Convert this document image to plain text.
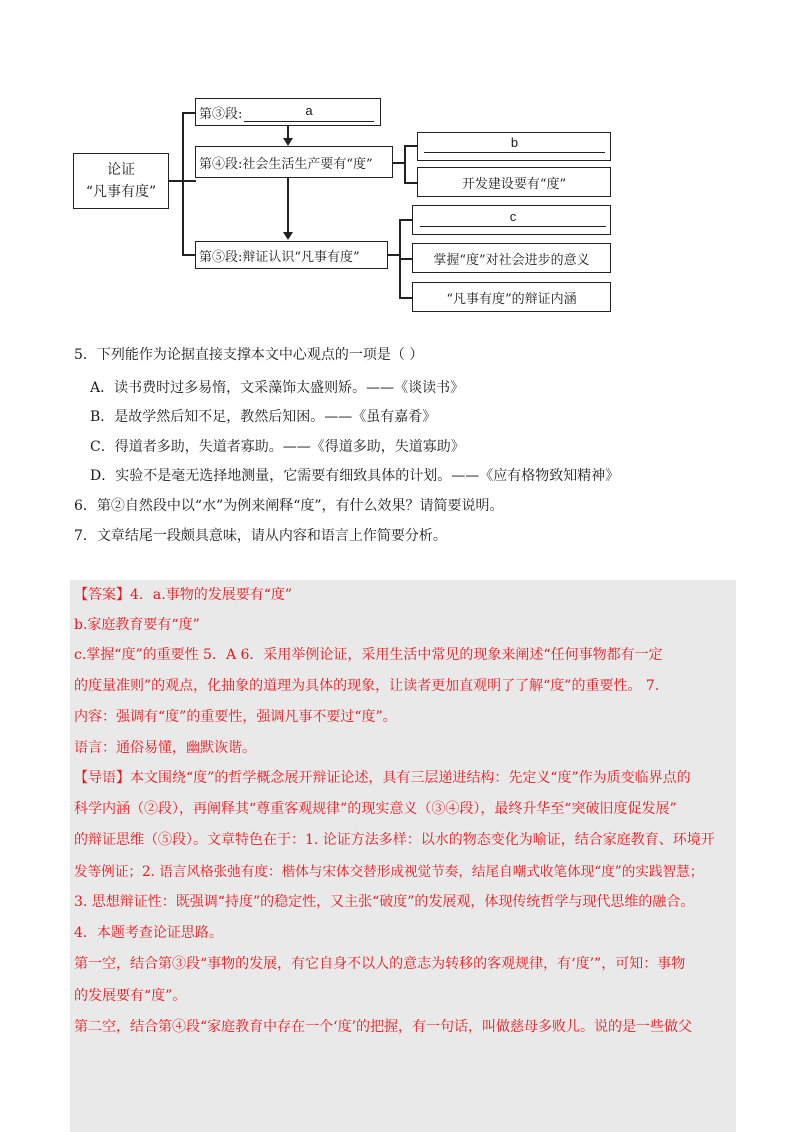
论证
“凡事有度”
第③段:	a
第④段:社会生活生产要有“度”
第⑤段:辩证认识“凡事有度”
b
开发建设要有“度”
c
掌握“度”对社会进步的意义
“凡事有度”的辩证内涵
5．下列能作为论据直接支撑本文中心观点的一项是（ ）
A．读书费时过多易惰，文采藻饰太盛则矫。——《谈读书》
B．是故学然后知不足，教然后知困。——《虽有嘉肴》
C．得道者多助，失道者寡助。——《得道多助，失道寡助》
D．实验不是毫无选择地测量，它需要有细致具体的计划。——《应有格物致知精神》
6．第②自然段中以“水”为例来阐释“度”，有什么效果？请简要说明。
7．文章结尾一段颇具意味，请从内容和语言上作简要分析。
【答案】4．a.事物的发展要有“度”
b.家庭教育要有“度”
c.掌握“度”的重要性 5．A 6．采用举例论证，采用生活中常见的现象来阐述“任何事物都有一定
的度量准则”的观点，化抽象的道理为具体的现象，让读者更加直观明了了解“度”的重要性。 7．
内容：强调有“度”的重要性，强调凡事不要过“度”。
语言：通俗易懂，幽默诙谐。
【导语】本文围绕“度”的哲学概念展开辩证论述，具有三层递进结构：先定义“度”作为质变临界点的
科学内涵（②段），再阐释其“尊重客观规律”的现实意义（③④段），最终升华至“突破旧度促发展”
的辩证思维（⑤段）。文章特色在于：1. 论证方法多样：以水的物态变化为喻证，结合家庭教育、环境开
发等例证；2. 语言风格张弛有度：楷体与宋体交替形成视觉节奏，结尾自嘲式收笔体现“度”的实践智慧；
3. 思想辩证性：既强调“持度”的稳定性，又主张“破度”的发展观，体现传统哲学与现代思维的融合。
4．本题考查论证思路。
第一空，结合第③段“事物的发展，有它自身不以人的意志为转移的客观规律，有‘度’”，可知：事物
的发展要有“度”。
第二空，结合第④段“家庭教育中存在一个‘度’的把握，有一句话，叫做慈母多败儿。说的是一些做父
